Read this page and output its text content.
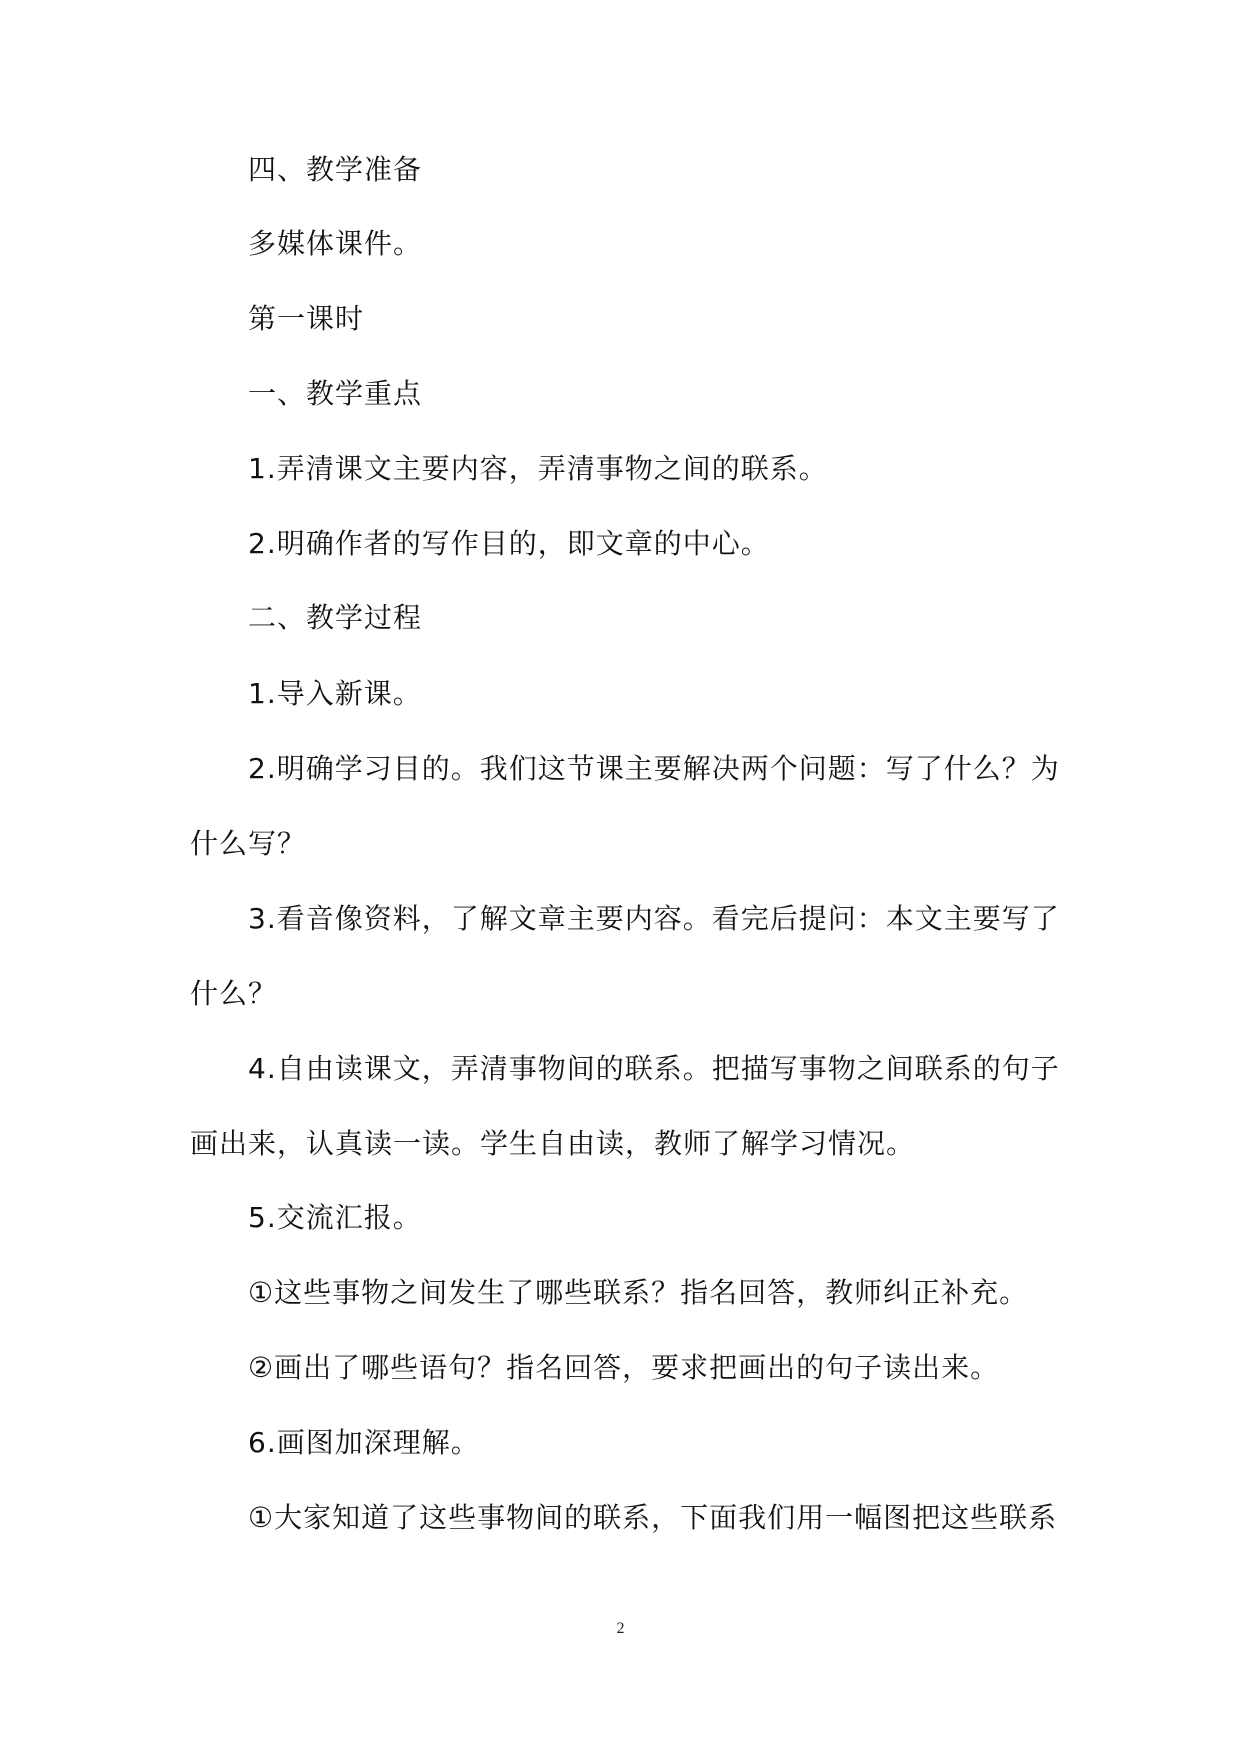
四、教学准备
多媒体课件。
第一课时
一、教学重点
1.弄清课文主要内容，弄清事物之间的联系。
2.明确作者的写作目的，即文章的中心。
二、教学过程
1.导入新课。
2.明确学习目的。我们这节课主要解决两个问题：写了什么？为
什么写？
3.看音像资料，了解文章主要内容。看完后提问：本文主要写了
什么？
4.自由读课文，弄清事物间的联系。把描写事物之间联系的句子
画出来，认真读一读。学生自由读，教师了解学习情况。
5.交流汇报。
①这些事物之间发生了哪些联系？指名回答，教师纠正补充。
②画出了哪些语句？指名回答，要求把画出的句子读出来。
6.画图加深理解。
①大家知道了这些事物间的联系，下面我们用一幅图把这些联系
2
